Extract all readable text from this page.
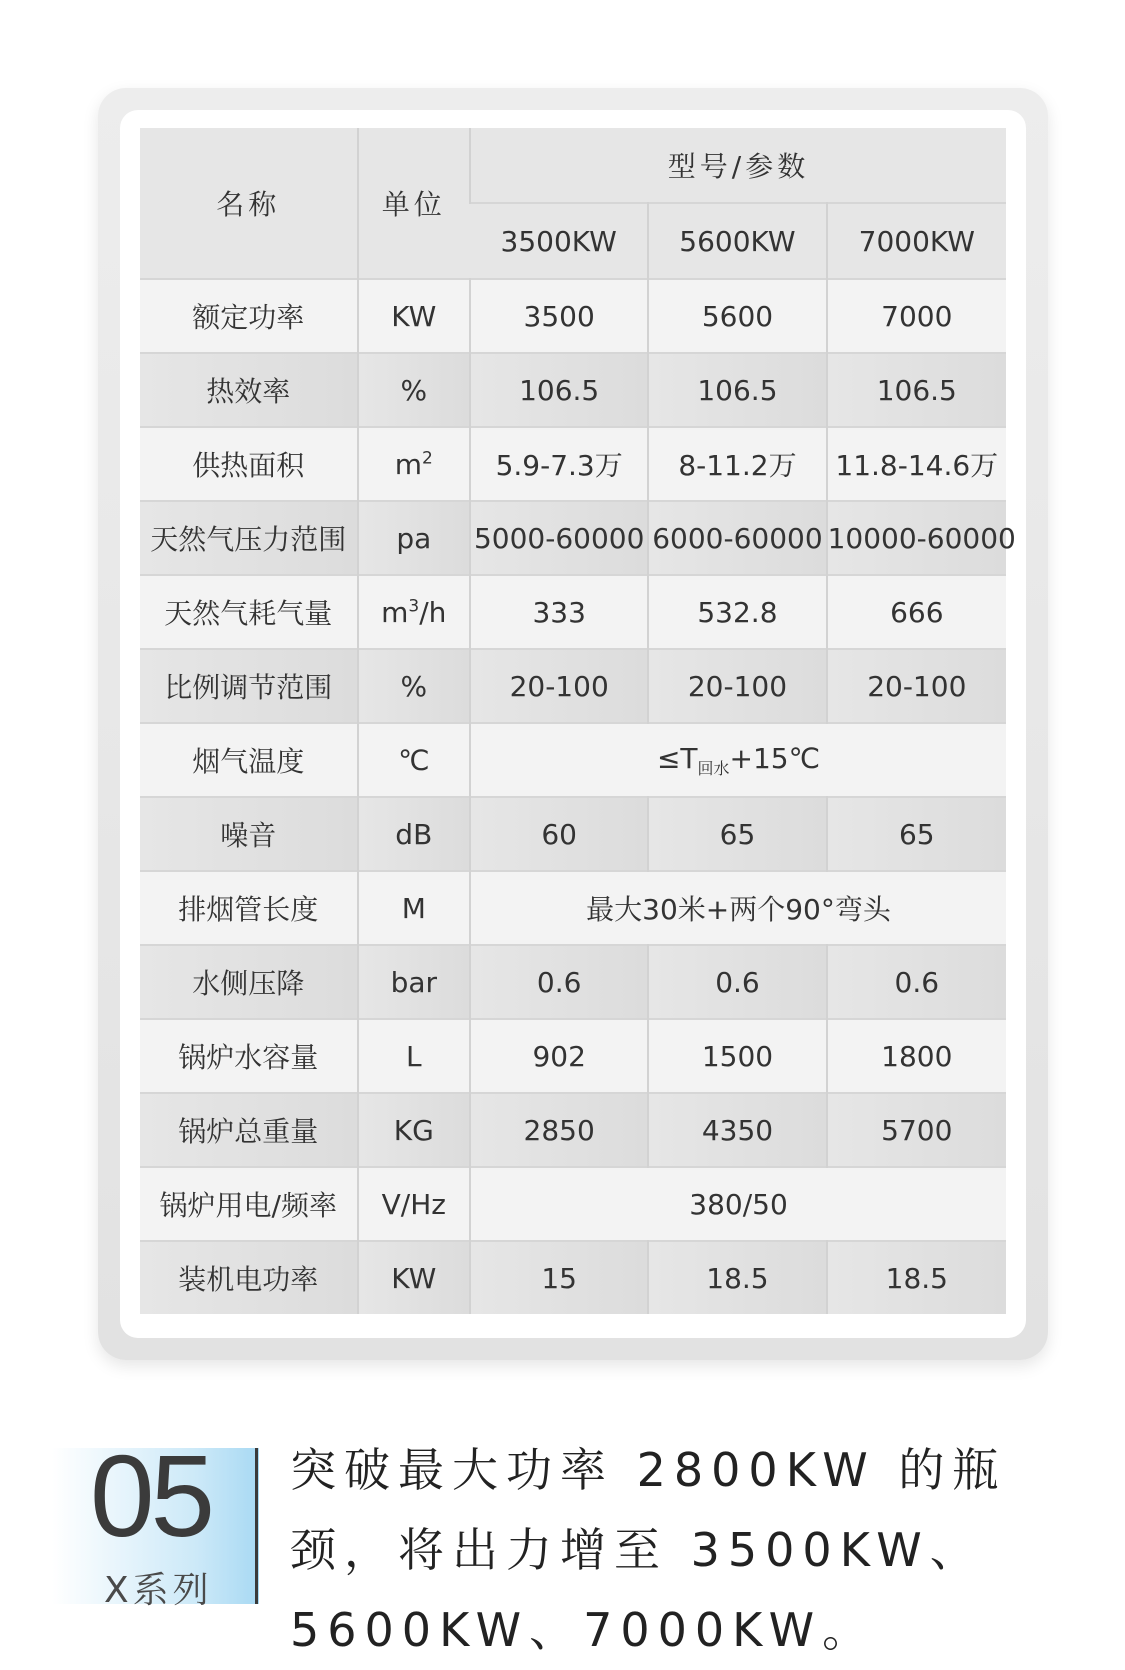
名称	单位	型号/参数		
		3500KW	5600KW	7000KW
额定功率	KW	3500	5600	7000
热效率	%	106.5	106.5	106.5
供热面积	$m^2$	5.9-7.3万	8-11.2万	11.8-14.6万
天然气压力范围	pa	5000-60000	6000-60000	10000-60000
天然气耗气量	$m^3/h$	333	532.8	666
比例调节范围	%	20-100	20-100	20-100
烟气温度	℃	$\le T_{回水}+15℃$		
噪音	dB	60	65	65
排烟管长度	M	最大30米+两个90°弯头		
水侧压降	bar	0.6	0.6	0.6
锅炉水容量	L	902	1500	1800
锅炉总重量	KG	2850	4350	5700
锅炉用电/频率	V/Hz	380/50		
装机电功率	KW	15	18.5	18.5
05
X系列
突破最大功率 2800KW 的瓶
颈，将出力增至 3500KW、
5600KW、7000KW。
